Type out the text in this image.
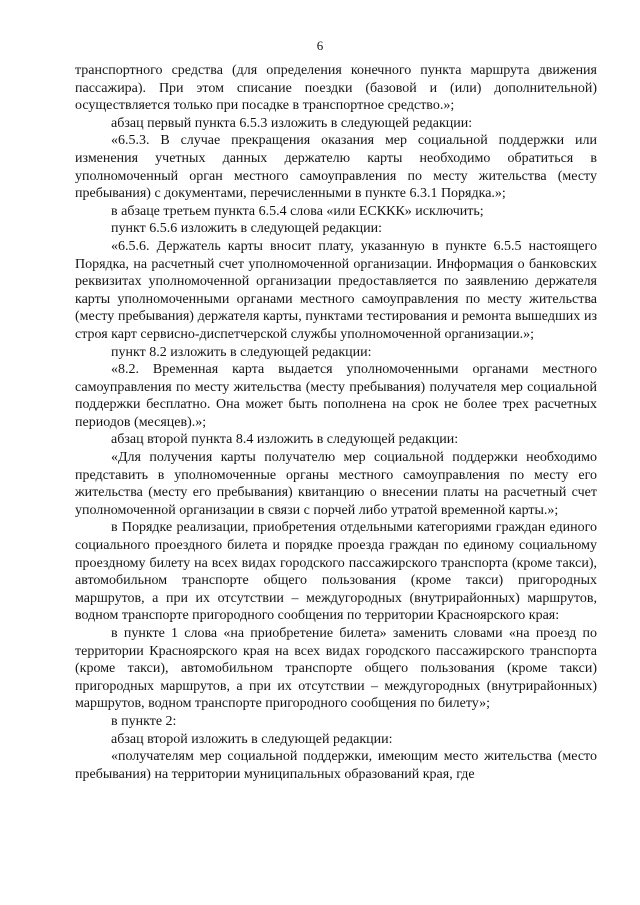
6

транспортного средства (для определения конечного пункта маршрута движения пассажира). При этом списание поездки (базовой и (или) дополнительной) осуществляется только при посадке в транспортное средство.»;

абзац первый пункта 6.5.3 изложить в следующей редакции:

«6.5.3. В случае прекращения оказания мер социальной поддержки или изменения учетных данных держателю карты необходимо обратиться в уполномоченный орган местного самоуправления по месту жительства (месту пребывания) с документами, перечисленными в пункте 6.3.1 Порядка.»;

в абзаце третьем пункта 6.5.4 слова «или ЕСККК» исключить;

пункт 6.5.6 изложить в следующей редакции:

«6.5.6. Держатель карты вносит плату, указанную в пункте 6.5.5 настоящего Порядка, на расчетный счет уполномоченной организации. Информация о банковских реквизитах уполномоченной организации предоставляется по заявлению держателя карты уполномоченными органами местного самоуправления по месту жительства (месту пребывания) держателя карты, пунктами тестирования и ремонта вышедших из строя карт сервисно-диспетчерской службы уполномоченной организации.»;

пункт 8.2 изложить в следующей редакции:

«8.2. Временная карта выдается уполномоченными органами местного самоуправления по месту жительства (месту пребывания) получателя мер социальной поддержки бесплатно. Она может быть пополнена на срок не более трех расчетных периодов (месяцев).»;

абзац второй пункта 8.4 изложить в следующей редакции:

«Для получения карты получателю мер социальной поддержки необходимо представить в уполномоченные органы местного самоуправления по месту его жительства (месту его пребывания) квитанцию о внесении платы на расчетный счет уполномоченной организации в связи с порчей либо утратой временной карты.»;

в Порядке реализации, приобретения отдельными категориями граждан единого социального проездного билета и порядке проезда граждан по единому социальному проездному билету на всех видах городского пассажирского транспорта (кроме такси), автомобильном транспорте общего пользования (кроме такси) пригородных маршрутов, а при их отсутствии – междугородных (внутрирайонных) маршрутов, водном транспорте пригородного сообщения по территории Красноярского края:

в пункте 1 слова «на приобретение билета» заменить словами «на проезд по территории Красноярского края на всех видах городского пассажирского транспорта (кроме такси), автомобильном транспорте общего пользования (кроме такси) пригородных маршрутов, а при их отсутствии – междугородных (внутрирайонных) маршрутов, водном транспорте пригородного сообщения по билету»;

в пункте 2:

абзац второй изложить в следующей редакции:

«получателям мер социальной поддержки, имеющим место жительства (место пребывания) на территории муниципальных образований края, где
